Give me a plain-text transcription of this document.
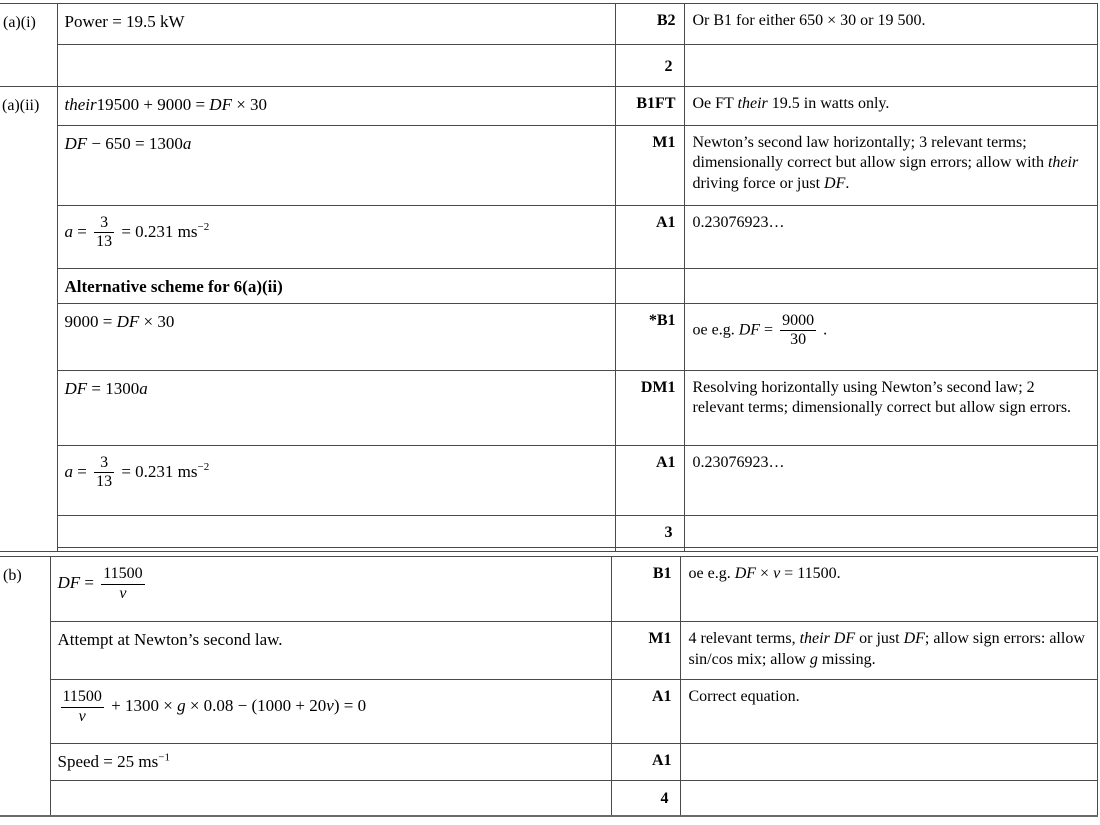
(a)(i)	Power = 19.5 kW	B2	Or B1 for either 650 × 30 or 19 500.
		2	
(a)(ii)	their19500 + 9000 = DF × 30	B1FT	Oe FT their 19.5 in watts only.
	DF − 650 = 1300a	M1	Newton’s second law horizontally; 3 relevant terms; dimensionally correct but allow sign errors; allow with their driving force or just DF.
	$a = \frac{3}{13} = 0.231$ $ms^{-2}$	A1	0.23076923…
	Alternative scheme for 6(a)(ii)		
	9000 = DF × 30	*B1	oe e.g. DF = $\frac{9000}{30}$ .
	DF = 1300a	DM1	Resolving horizontally using Newton’s second law; 2 relevant terms; dimensionally correct but allow sign errors.
	$a = \frac{3}{13} = 0.231$ $ms^{-2}$	A1	0.23076923…
		3	

(b)	DF = $\frac{11500}{v}$	B1	oe e.g. DF × v = 11500.
	Attempt at Newton’s second law.	M1	4 relevant terms, their DF or just DF; allow sign errors: allow sin/cos mix; allow g missing.

	$\frac{11500}{v} + 1300 \times g \times 0.08 - (1000 + 20v) = 0$	A1	Correct equation.
	Speed = 25 $ms^{-1}$	A1	
		4	
